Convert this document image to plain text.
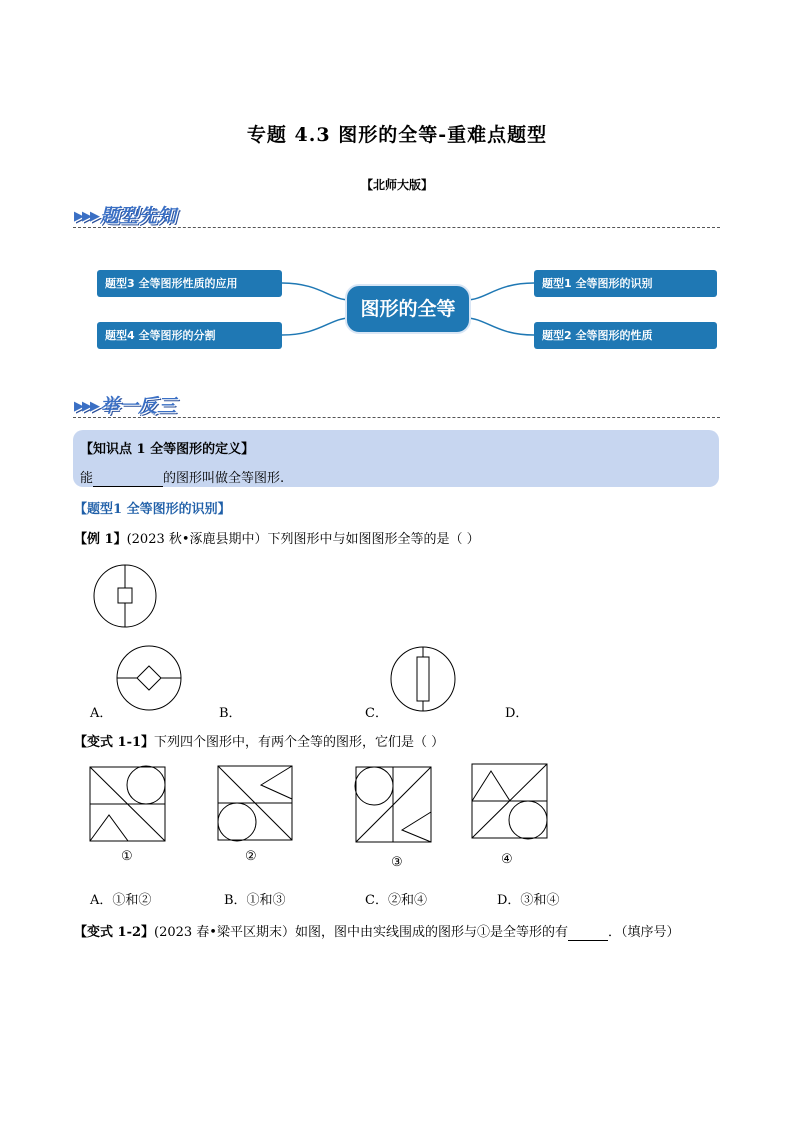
专题 4.3 图形的全等-重难点题型
【北师大版】
▶▶▶ 题型先知
题型3 全等图形性质的应用
题型4 全等图形的分割
题型1 全等图形的识别
题型2 全等图形的性质
图形的全等
▶▶▶ 举一反三
【知识点 1 全等图形的定义】
能	的图形叫做全等图形.
【题型1 全等图形的识别】
【例 1】(2023 秋•涿鹿县期中）下列图形中与如图图形全等的是（ ）
A．	B．	C．	D．
【变式 1-1】下列四个图形中，有两个全等的图形，它们是（ ）
①	②	③	④
A．①和②	B．①和③	C．②和④	D．③和④
【变式 1-2】(2023 春•梁平区期末）如图，图中由实线围成的图形与①是全等形的有	．（填序号）
